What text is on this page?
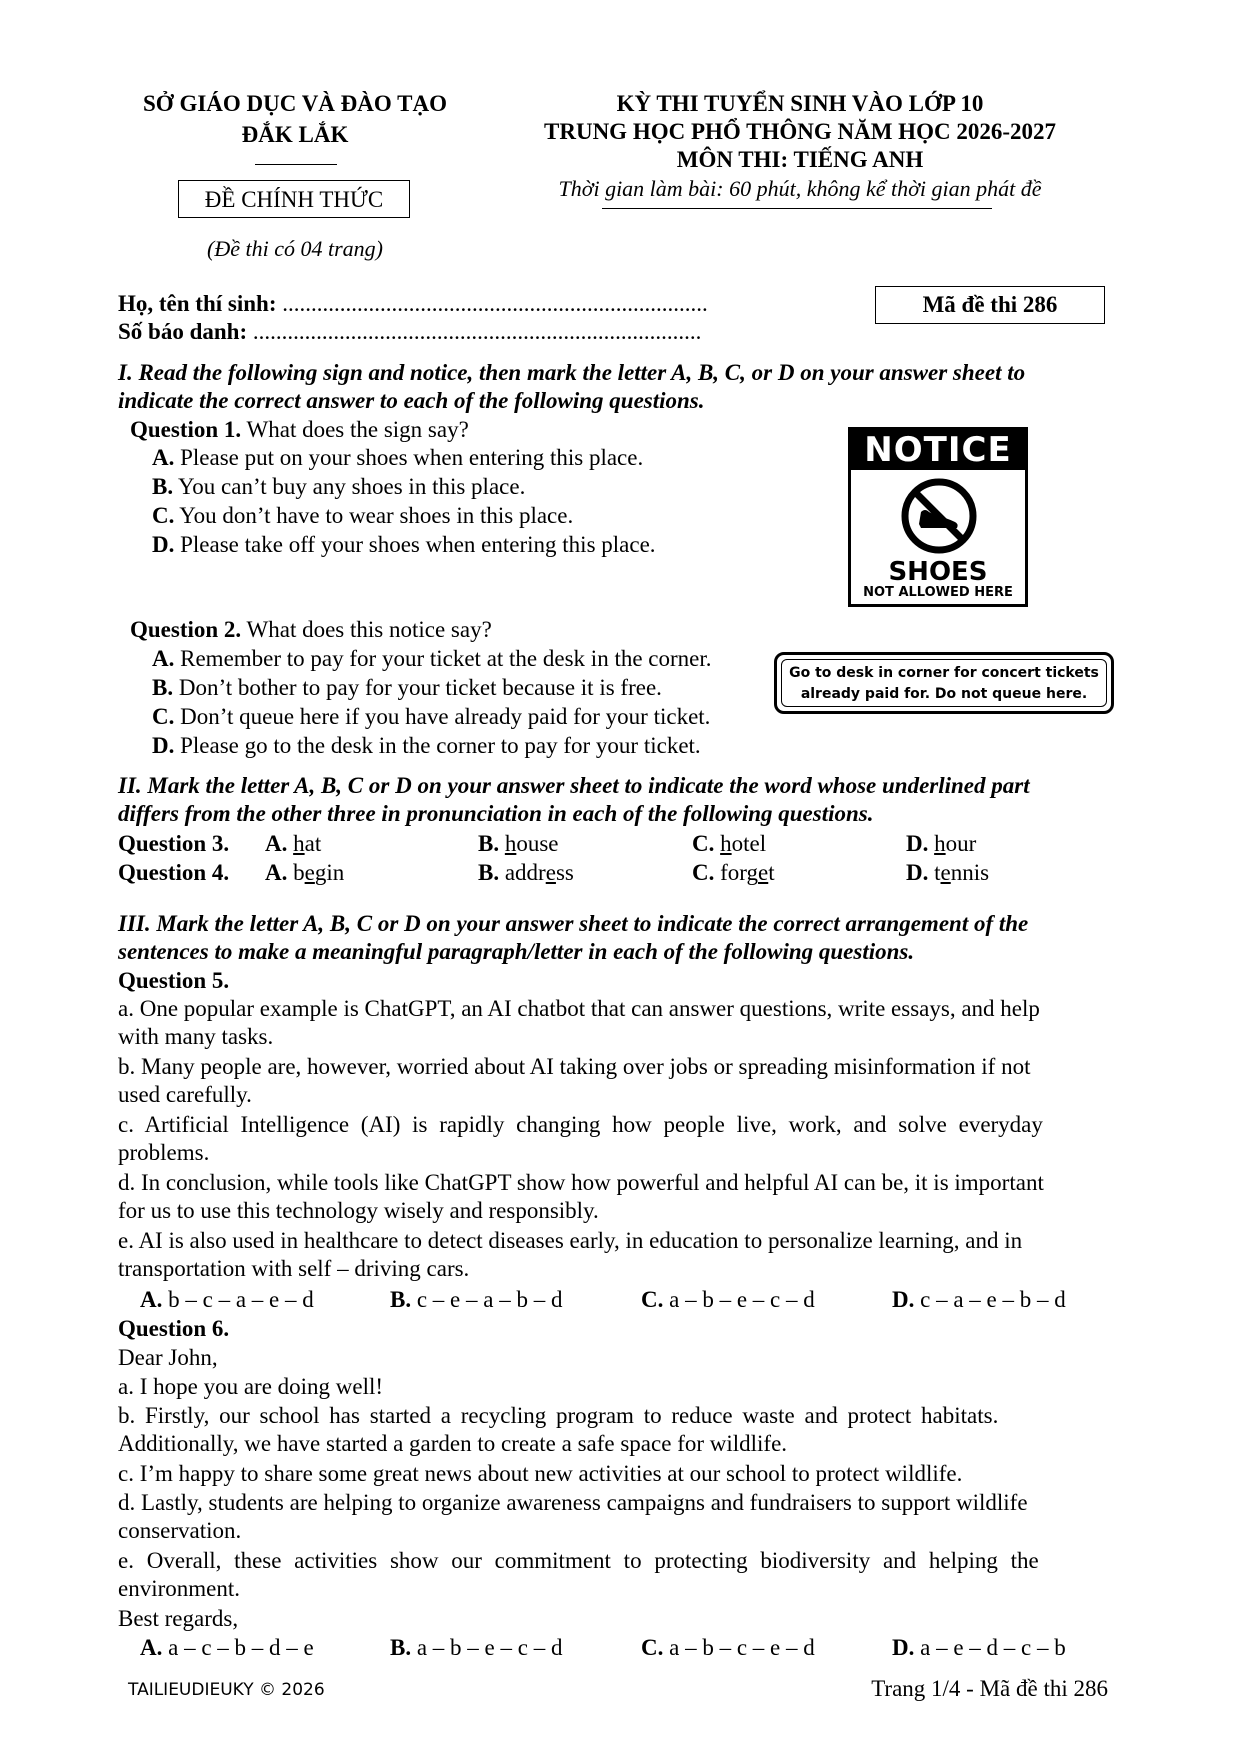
SỞ GIÁO DỤC VÀ ĐÀO TẠO
ĐẮK LẮK
ĐỀ CHÍNH THỨC
(Đề thi có 04 trang)
KỲ THI TUYỂN SINH VÀO LỚP 10
TRUNG HỌC PHỔ THÔNG NĂM HỌC 2026-2027
MÔN THI: TIẾNG ANH
Thời gian làm bài: 60 phút, không kể thời gian phát đề
Họ, tên thí sinh: ..........................................................................
Số báo danh: ..............................................................................
Mã đề thi 286
I. Read the following sign and notice, then mark the letter A, B, C, or D on your answer sheet to
indicate the correct answer to each of the following questions.
Question 1. What does the sign say?
A. Please put on your shoes when entering this place.
B. You can’t buy any shoes in this place.
C. You don’t have to wear shoes in this place.
D. Please take off your shoes when entering this place.
NOTICE
SHOES
NOT ALLOWED HERE
Question 2. What does this notice say?
A. Remember to pay for your ticket at the desk in the corner.
B. Don’t bother to pay for your ticket because it is free.
C. Don’t queue here if you have already paid for your ticket.
D. Please go to the desk in the corner to pay for your ticket.
Go to desk in corner for concert tickets
already paid for. Do not queue here.
II. Mark the letter A, B, C or D on your answer sheet to indicate the word whose underlined part
differs from the other three in pronunciation in each of the following questions.
Question 3. A. hat	B. house	C. hotel	D. hour
Question 4. A. begin	B. address	C. forget	D. tennis
III. Mark the letter A, B, C or D on your answer sheet to indicate the correct arrangement of the
sentences to make a meaningful paragraph/letter in each of the following questions.
Question 5.
a. One popular example is ChatGPT, an AI chatbot that can answer questions, write essays, and help
with many tasks.
b. Many people are, however, worried about AI taking over jobs or spreading misinformation if not
used carefully.
c. Artificial Intelligence (AI) is rapidly changing how people live, work, and solve everyday
problems.
d. In conclusion, while tools like ChatGPT show how powerful and helpful AI can be, it is important
for us to use this technology wisely and responsibly.
e. AI is also used in healthcare to detect diseases early, in education to personalize learning, and in
transportation with self – driving cars.
A. b – c – a – e – d	B. c – e – a – b – d	C. a – b – e – c – d	D. c – a – e – b – d
Question 6.
Dear John,
a. I hope you are doing well!
b. Firstly, our school has started a recycling program to reduce waste and protect habitats.
Additionally, we have started a garden to create a safe space for wildlife.
c. I’m happy to share some great news about new activities at our school to protect wildlife.
d. Lastly, students are helping to organize awareness campaigns and fundraisers to support wildlife
conservation.
e. Overall, these activities show our commitment to protecting biodiversity and helping the
environment.
Best regards,
A. a – c – b – d – e	B. a – b – e – c – d	C. a – b – c – e – d	D. a – e – d – c – b
TAILIEUDIEUKY © 2026	Trang 1/4 - Mã đề thi 286
